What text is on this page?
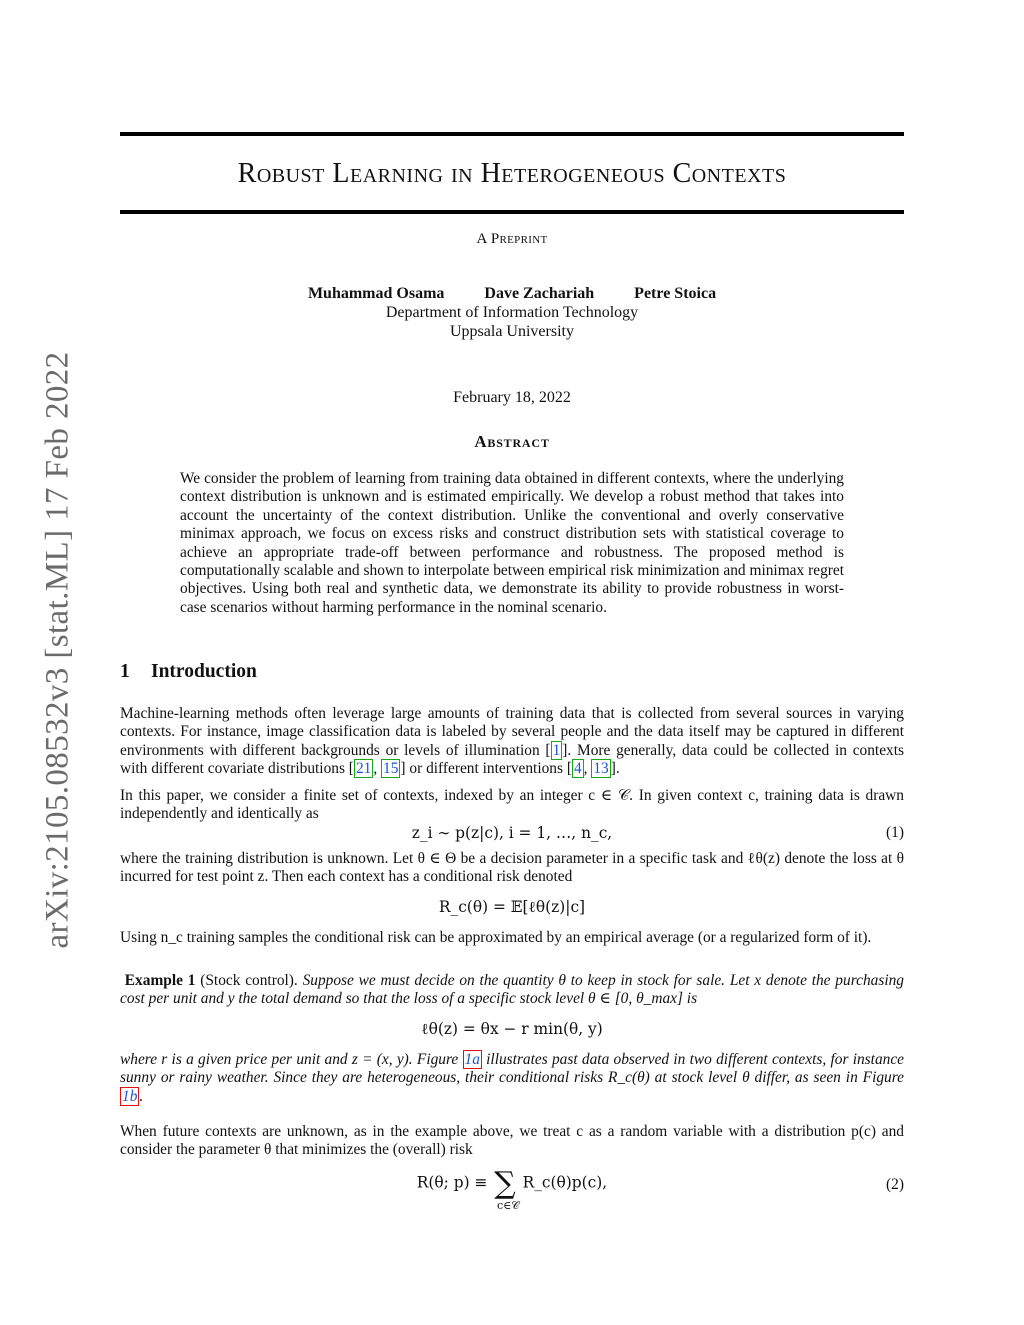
arXiv:2105.08532v3 [stat.ML] 17 Feb 2022
Robust Learning in Heterogeneous Contexts
A Preprint
Muhammad Osama	Dave Zachariah	Petre Stoica
Department of Information Technology
Uppsala University
February 18, 2022
Abstract
We consider the problem of learning from training data obtained in different contexts, where the underlying context distribution is unknown and is estimated empirically. We develop a robust method that takes into account the uncertainty of the context distribution. Unlike the conventional and overly conservative minimax approach, we focus on excess risks and construct distribution sets with statistical coverage to achieve an appropriate trade-off between performance and robustness. The proposed method is computationally scalable and shown to interpolate between empirical risk minimization and minimax regret objectives. Using both real and synthetic data, we demonstrate its ability to provide robustness in worst-case scenarios without harming performance in the nominal scenario.
1 Introduction
Machine-learning methods often leverage large amounts of training data that is collected from several sources in varying contexts. For instance, image classification data is labeled by several people and the data itself may be captured in different environments with different backgrounds or levels of illumination [ 1 ]. More generally, data could be collected in contexts with different covariate distributions [ 21 , 15 ] or different interventions [ 4 , 13 ].
In this paper, we consider a finite set of contexts, indexed by an integer c ∈ 𝒞. In given context c, training data is drawn independently and identically as
z_i ∼ p(z|c), i = 1, …, n_c,	(1)
where the training distribution is unknown. Let θ ∈ Θ be a decision parameter in a specific task and ℓθ(z) denote the loss at θ incurred for test point z. Then each context has a conditional risk denoted
R_c(θ) = 𝔼[ℓθ(z)|c]
Using n_c training samples the conditional risk can be approximated by an empirical average (or a regularized form of it).
Example 1 (Stock control). Suppose we must decide on the quantity θ to keep in stock for sale. Let x denote the purchasing cost per unit and y the total demand so that the loss of a specific stock level θ ∈ [0, θ_max] is
ℓθ(z) = θx − r min(θ, y)
where r is a given price per unit and z = (x, y). Figure 1a illustrates past data observed in two different contexts, for instance sunny or rainy weather. Since they are heterogeneous, their conditional risks R_c(θ) at stock level θ differ, as seen in Figure 1b .
When future contexts are unknown, as in the example above, we treat c as a random variable with a distribution p(c) and consider the parameter θ that minimizes the (overall) risk
R(θ; p) ≡ ∑ R_c(θ)p(c),
c∈𝒞
(2)
